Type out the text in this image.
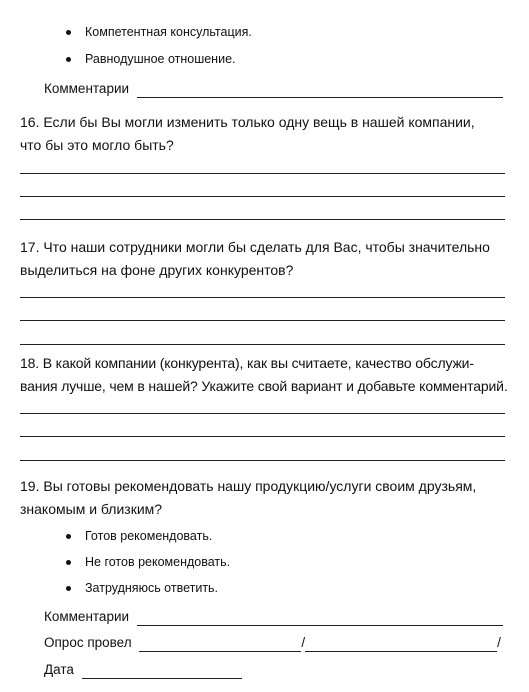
Компетентная консультация.
Равнодушное отношение.
Комментарии
16. Если бы Вы могли изменить только одну вещь в нашей компании,
что бы это могло быть?
17. Что наши сотрудники могли бы сделать для Вас, чтобы значительно
выделиться на фоне других конкурентов?
18. В какой компании (конкурента), как вы считаете, качество обслужи-
вания лучше, чем в нашей? Укажите свой вариант и добавьте комментарий.
19. Вы готовы рекомендовать нашу продукцию/услуги своим друзьям,
знакомым и близким?
Готов рекомендовать.
Не готов рекомендовать.
Затрудняюсь ответить.
Комментарии
Опрос провел	/	/
Дата
